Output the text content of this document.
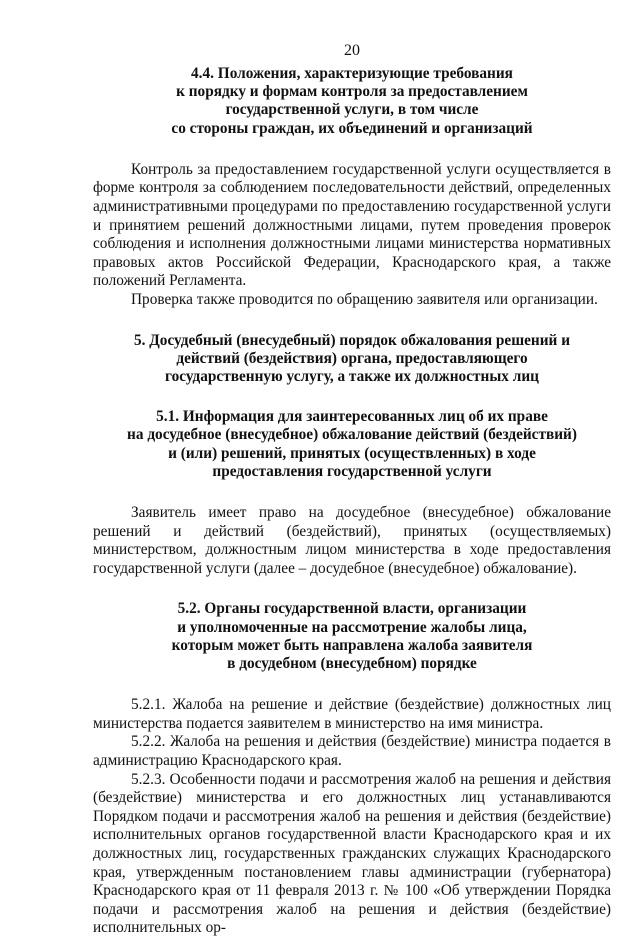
20
4.4. Положения, характеризующие требования
к порядку и формам контроля за предоставлением
государственной услуги, в том числе
со стороны граждан, их объединений и организаций

Контроль за предоставлением государственной услуги осуществляется в форме контроля за соблюдением последовательности действий, определенных административными процедурами по предоставлению государственной услуги и принятием решений должностными лицами, путем проведения проверок соблюдения и исполнения должностными лицами министерства нормативных правовых актов Российской Федерации, Краснодарского края, а также положений Регламента.

Проверка также проводится по обращению заявителя или организации.

5. Досудебный (внесудебный) порядок обжалования решений и
действий (бездействия) органа, предоставляющего
государственную услугу, а также их должностных лиц
5.1. Информация для заинтересованных лиц об их праве
на досудебное (внесудебное) обжалование действий (бездействий)
и (или) решений, принятых (осуществленных) в ходе
предоставления государственной услуги

Заявитель имеет право на досудебное (внесудебное) обжалование решений и действий (бездействий), принятых (осуществляемых) министерством, должностным лицом министерства в ходе предоставления государственной услуги (далее – досудебное (внесудебное) обжалование).

5.2. Органы государственной власти, организации
и уполномоченные на рассмотрение жалобы лица,
которым может быть направлена жалоба заявителя
в досудебном (внесудебном) порядке

5.2.1. Жалоба на решение и действие (бездействие) должностных лиц министерства подается заявителем в министерство на имя министра.

5.2.2. Жалоба на решения и действия (бездействие) министра подается в администрацию Краснодарского края.

5.2.3. Особенности подачи и рассмотрения жалоб на решения и действия (бездействие) министерства и его должностных лиц устанавливаются Порядком подачи и рассмотрения жалоб на решения и действия (бездействие) исполнительных органов государственной власти Краснодарского края и их должностных лиц, государственных гражданских служащих Краснодарского края, утвержденным постановлением главы администрации (губернатора) Краснодарского края от 11 февраля 2013 г. № 100 «Об утверждении Порядка подачи и рассмотрения жалоб на решения и действия (бездействие) исполнительных ор-
